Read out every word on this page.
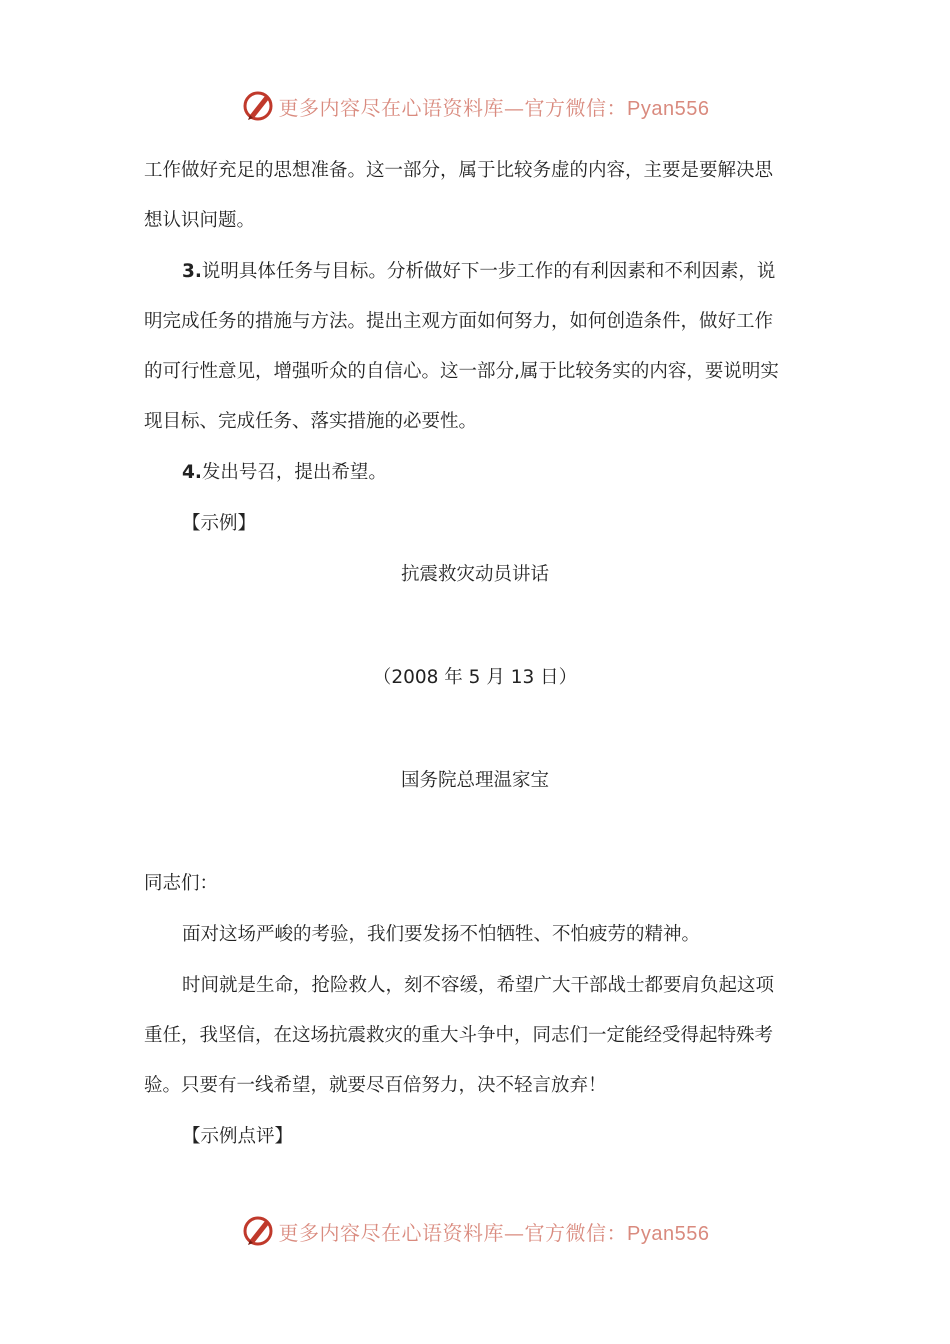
更多内容尽在心语资料库—官方微信：Pyan556
工作做好充足的思想准备。这一部分，属于比较务虚的内容，主要是要解决思
想认识问题。
3.说明具体任务与目标。分析做好下一步工作的有利因素和不利因素，说
明完成任务的措施与方法。提出主观方面如何努力，如何创造条件，做好工作
的可行性意见，增强听众的自信心。这一部分,属于比较务实的内容，要说明实
现目标、完成任务、落实措施的必要性。
4.发出号召，提出希望。
【示例】
抗震救灾动员讲话
（2008 年 5 月 13 日）
国务院总理温家宝
同志们：
面对这场严峻的考验，我们要发扬不怕牺牲、不怕疲劳的精神。
时间就是生命，抢险救人，刻不容缓，希望广大干部战士都要肩负起这项
重任，我坚信，在这场抗震救灾的重大斗争中，同志们一定能经受得起特殊考
验。只要有一线希望，就要尽百倍努力，决不轻言放弃！
【示例点评】
更多内容尽在心语资料库—官方微信：Pyan556
